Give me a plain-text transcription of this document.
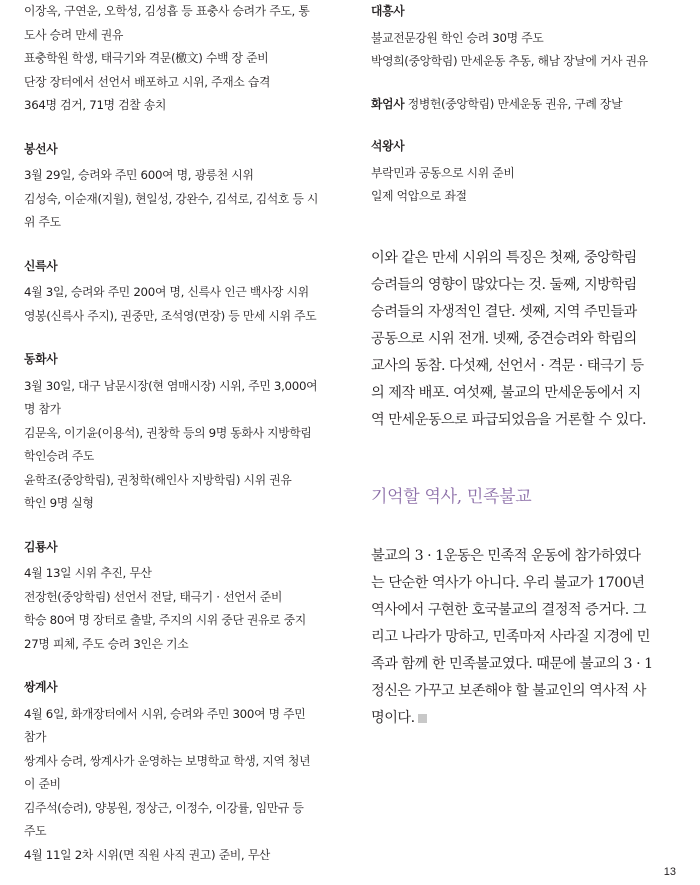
이장옥, 구연운, 오학성, 김성흡 등 표충사 승려가 주도, 통
도사 승려 만세 권유
표충학원 학생, 태극기와 격문(檄文) 수백 장 준비
단장 장터에서 선언서 배포하고 시위, 주재소 습격
364명 검거, 71명 검찰 송치
봉선사
3월 29일, 승려와 주민 600여 명, 광릉천 시위
김성숙, 이순재(지월), 현일성, 강완수, 김석로, 김석호 등 시
위 주도
신륵사
4월 3일, 승려와 주민 200여 명, 신륵사 인근 백사장 시위
영봉(신륵사 주지), 권중만, 조석영(면장) 등 만세 시위 주도
동화사
3월 30일, 대구 남문시장(현 염매시장) 시위, 주민 3,000여
명 참가
김문옥, 이기윤(이용석), 권창학 등의 9명 동화사 지방학림
학인승려 주도
윤학조(중앙학림), 권청학(해인사 지방학림) 시위 권유
학인 9명 실형
김룡사
4월 13일 시위 추진, 무산
전장헌(중앙학림) 선언서 전달, 태극기 · 선언서 준비
학승 80여 명 장터로 출발, 주지의 시위 중단 권유로 중지
27명 피체, 주도 승려 3인은 기소
쌍계사
4월 6일, 화개장터에서 시위, 승려와 주민 300여 명 주민
참가
쌍계사 승려, 쌍계사가 운영하는 보명학교 학생, 지역 청년
이 준비
김주석(승려), 양봉원, 정상근, 이정수, 이강률, 임만규 등
주도
4월 11일 2차 시위(면 직원 사직 권고) 준비, 무산
대흥사
불교전문강원 학인 승려 30명 주도
박영희(중앙학림) 만세운동 추동, 해남 장날에 거사 권유
화엄사 정병헌(중앙학림) 만세운동 권유, 구례 장날
석왕사
부락민과 공동으로 시위 준비
일제 억압으로 좌절

이와 같은 만세 시위의 특징은 첫째, 중앙학림
승려들의 영향이 많았다는 것. 둘째, 지방학림
승려들의 자생적인 결단. 셋째, 지역 주민들과
공동으로 시위 전개. 넷째, 중견승려와 학림의
교사의 동참. 다섯째, 선언서 · 격문 · 태극기 등
의 제작 배포. 여섯째, 불교의 만세운동에서 지
역 만세운동으로 파급되었음을 거론할 수 있다.

기억할 역사, 민족불교

불교의 3 · 1운동은 민족적 운동에 참가하였다
는 단순한 역사가 아니다. 우리 불교가 1700년
역사에서 구현한 호국불교의 결정적 증거다. 그
리고 나라가 망하고, 민족마저 사라질 지경에 민
족과 함께 한 민족불교였다. 때문에 불교의 3 · 1
정신은 가꾸고 보존해야 할 불교인의 역사적 사
명이다.

13
